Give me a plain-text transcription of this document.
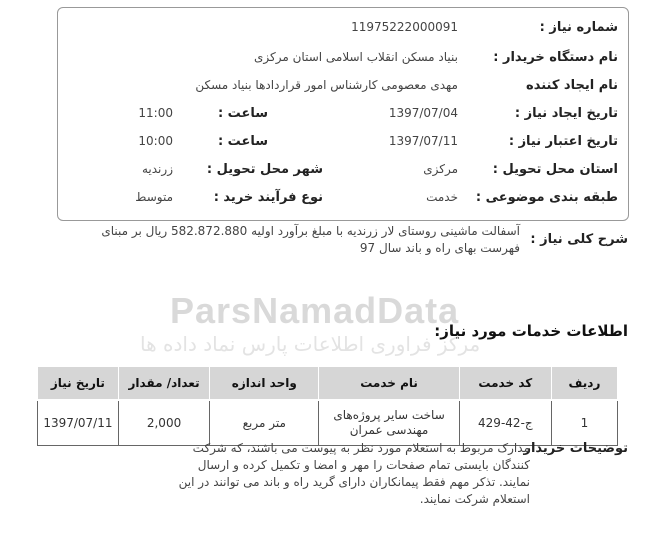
ParsNamadData
مرکز فراوری اطلاعات پارس نماد داده ها
شماره نیاز :
11975222000091
نام دستگاه خریدار :
بنیاد مسکن انقلاب اسلامی استان مرکزی
نام ایجاد کننده
مهدی معصومی کارشناس امور قراردادها بنیاد مسکن
تاریخ ایجاد نیاز :
1397/07/04
ساعت :
11:00
تاریخ اعتبار نیاز :
1397/07/11
ساعت :
10:00
استان محل تحویل :
مرکزی
شهر محل تحویل :
زرندیه
طبقه بندی موضوعی :
خدمت
نوع فرآیند خرید :
متوسط
شرح کلی نیاز :
آسفالت ماشینی روستای لار زرندیه با مبلغ برآورد اولیه 582.872.880 ریال بر مبنای فهرست بهای راه و باند سال 97
اطلاعات خدمات مورد نیاز:
ردیف	کد خدمت	نام خدمت	واحد اندازه	تعداد/ مقدار	تاریخ نیاز
1	ج-42-429	ساخت سایر پروژه‌های مهندسی عمران	متر مربع	2,000	1397/07/11
توضیحات خریدار
مدارک مربوط به استعلام مورد نظر به پیوست می باشند، که شرکت کنندگان بایستی تمام صفحات را مهر و امضا و تکمیل کرده و ارسال نمایند. تذکر مهم فقط پیمانکاران دارای گرید راه و باند می توانند در این استعلام شرکت نمایند.
